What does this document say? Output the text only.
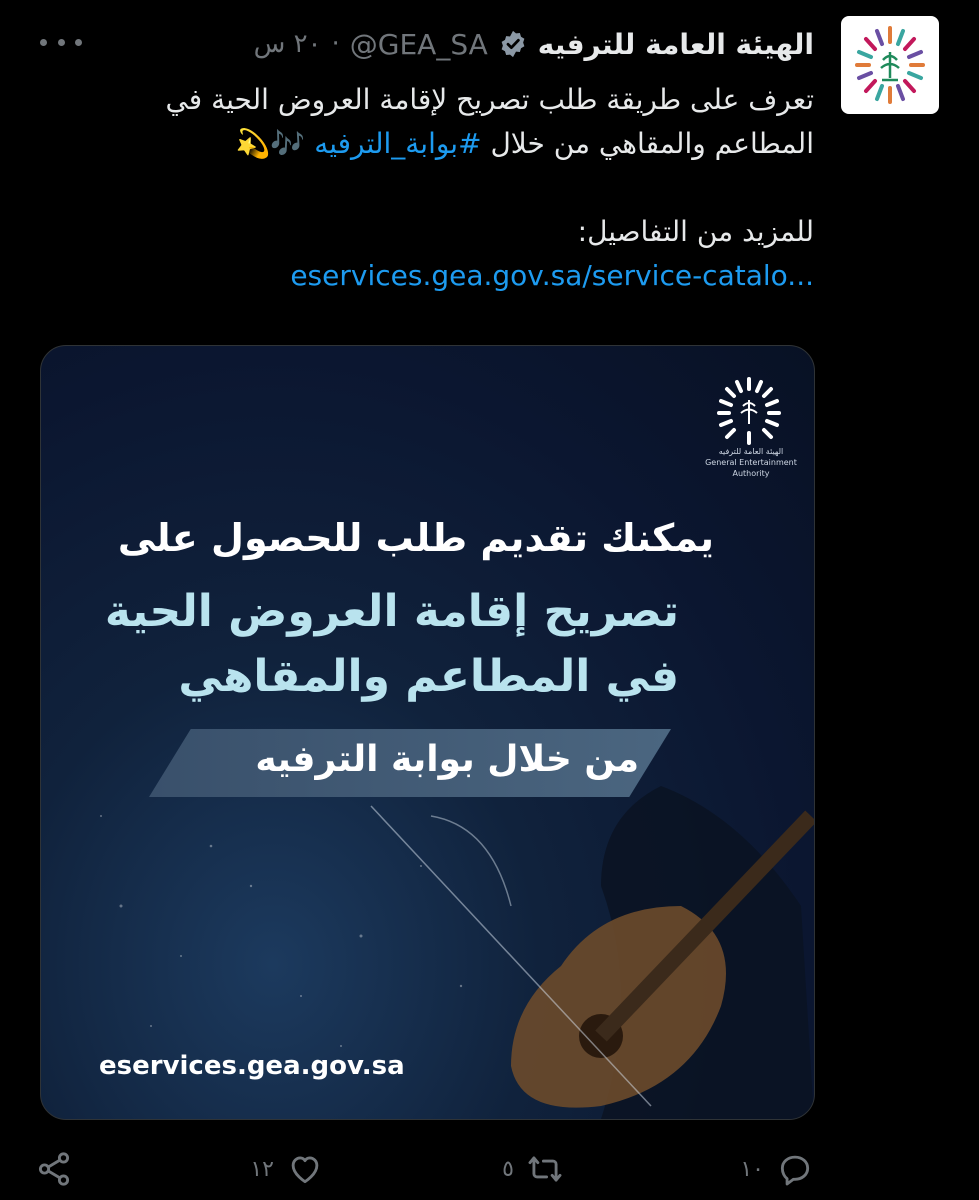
الهيئة العامة للترفيه
@GEA_SA
·
٢٠ س
تعرف على طريقة طلب تصريح لإقامة العروض الحية في
المطاعم والمقاهي من خلال #بوابة_الترفيه 🎶💫
للمزيد من التفاصيل:
eservices.gea.gov.sa/service-catalo...
الهيئة العامة للترفيه
General Entertainment Authority
يمكنك تقديم طلب للحصول على
تصريح إقامة العروض الحية
في المطاعم والمقاهي
من خلال بوابة الترفيه
eservices.gea.gov.sa
١٠
٥
١٢
